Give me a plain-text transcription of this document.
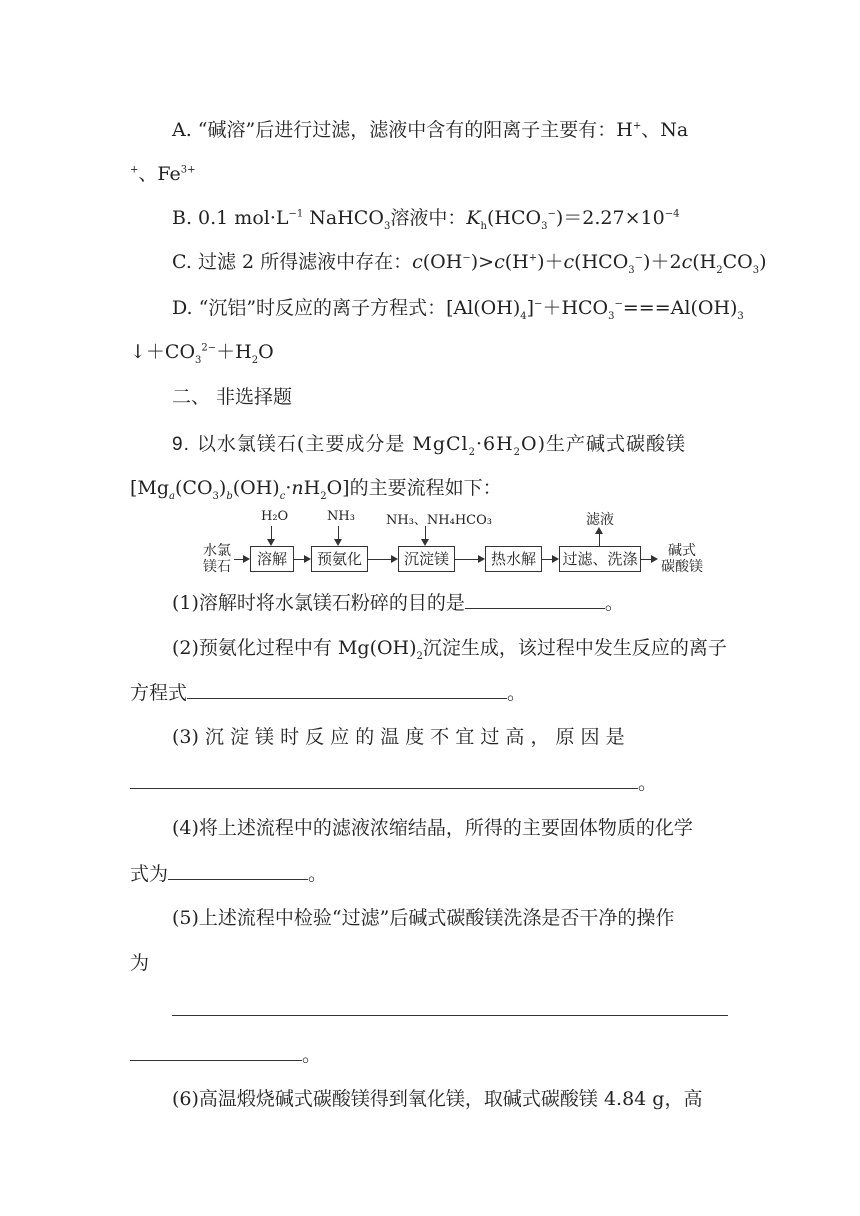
A. “碱溶”后进行过滤，滤液中含有的阳离子主要有：H+、Na
+、$Fe^{3+}$
B. 0.1 $mol\cdot L^{-1}$ NaHCO$_3$溶液中：$K_h(HCO_3^-)=2.27\times 10^{-4}$
C. 过滤 2 所得滤液中存在：$c(OH^-)>c(H^+)+c(HCO_3^-)+2c(H_2CO_3)$
D. “沉铝”时反应的离子方程式：$[Al(OH)_4]^-+HCO_3^-===Al(OH)_3$
$↓+CO_3^{2-}+H_2O$
二、 非选择题
9. 以水氯镁石(主要成分是 $MgCl_2\cdot 6H_2O$)生产碱式碳酸镁
$[Mg_a(CO_3)_b(OH)_c\cdot nH_2O]$的主要流程如下：
水氯
镁石	溶解	预氨化	沉淀镁	热水解	过滤、洗涤	碱式
碳酸镁
H₂O	NH₃ NH₃、NH₄HCO₃	滤液
(1)溶解时将水氯镁石粉碎的目的是	。
(2)预氨化过程中有 $Mg(OH)_2$沉淀生成，该过程中发生反应的离子
方程式	。
(3) 沉 淀 镁 时 反 应 的 温 度 不 宜 过 高 ， 原 因 是
。
(4)将上述流程中的滤液浓缩结晶，所得的主要固体物质的化学
式为	。
(5)上述流程中检验“过滤”后碱式碳酸镁洗涤是否干净的操作
为
。
(6)高温煅烧碱式碳酸镁得到氧化镁，取碱式碳酸镁 4.84 g，高
